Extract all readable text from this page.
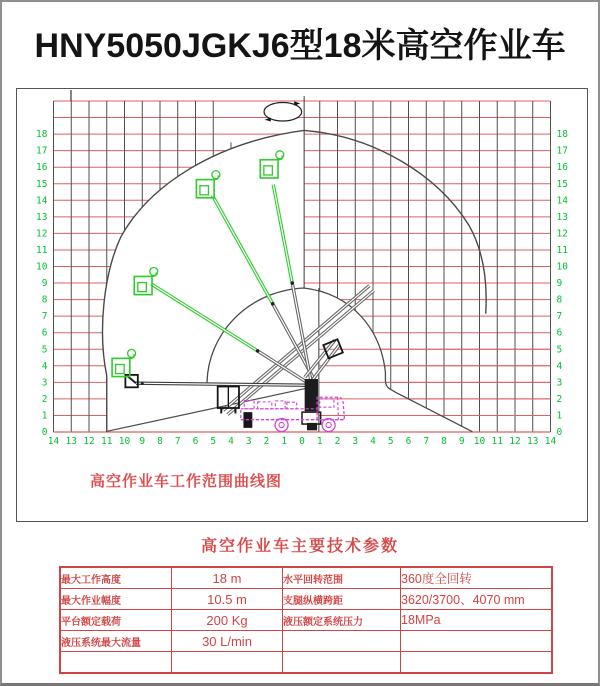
HNY5050JGKJ6型18米高空作业车
14 13 12 11 10 9 8 7 6 5 4 3 2 1 0 1 2 3 4 5 6 7 8 9 10 11 12 13 14
0	0
1	1
2	2
3	3
4	4
5	5
6	6
7	7
8	8
9	9
10	10
11	11
12	12
13	13
14	14
15	15
16	16
17	17
18	18
高空作业车工作范围曲线图
高空作业车主要技术参数
最大工作高度	18 m	水平回转范围	360度全回转
最大作业幅度	10.5 m	支腿纵横跨距	3620/3700、4070 mm
平台额定载荷	200 Kg	液压额定系统压力	18MPa
液压系统最大流量	30 L/min		
